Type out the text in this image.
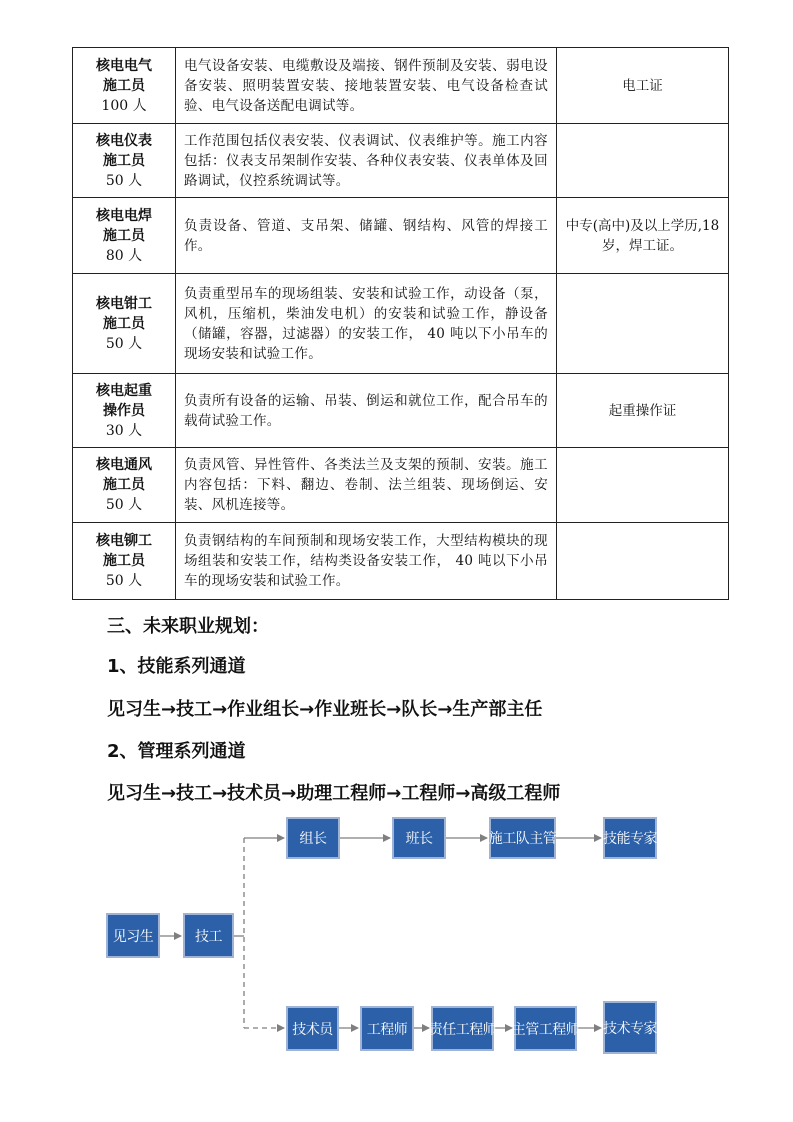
核电电气
施工员
100 人	电气设备安装、电缆敷设及端接、钢件预制及安装、弱电设备安装、照明装置安装、接地装置安装、电气设备检查试验、电气设备送配电调试等。	电工证

核电仪表
施工员
50 人	工作范围包括仪表安装、仪表调试、仪表维护等。施工内容包括：仪表支吊架制作安装、各种仪表安装、仪表单体及回路调试，仪控系统调试等。	

核电电焊
施工员
80 人	负责设备、管道、支吊架、储罐、钢结构、风管的焊接工作。	中专(高中)及以上学历,18岁，焊工证。

核电钳工
施工员
50 人	负责重型吊车的现场组装、安装和试验工作，动设备（泵，风机，压缩机，柴油发电机）的安装和试验工作，静设备（储罐，容器，过滤器）的安装工作， 40 吨以下小吊车的现场安装和试验工作。	

核电起重
操作员
30 人	负责所有设备的运输、吊装、倒运和就位工作，配合吊车的载荷试验工作。	起重操作证

核电通风
施工员
50 人	负责风管、异性管件、各类法兰及支架的预制、安装。施工内容包括：下料、翻边、卷制、法兰组装、现场倒运、安装、风机连接等。	

核电铆工
施工员
50 人	负责钢结构的车间预制和现场安装工作，大型结构模块的现场组装和安装工作，结构类设备安装工作， 40 吨以下小吊车的现场安装和试验工作。	
三、未来职业规划：
1、技能系列通道
见习生→技工→作业组长→作业班长→队长→生产部主任
2、管理系列通道
见习生→技工→技术员→助理工程师→工程师→高级工程师
见习生	技工
组长	班长	施工队主管	技能专家
技术员	工程师	责任工程师 主管工程师 技术专家
